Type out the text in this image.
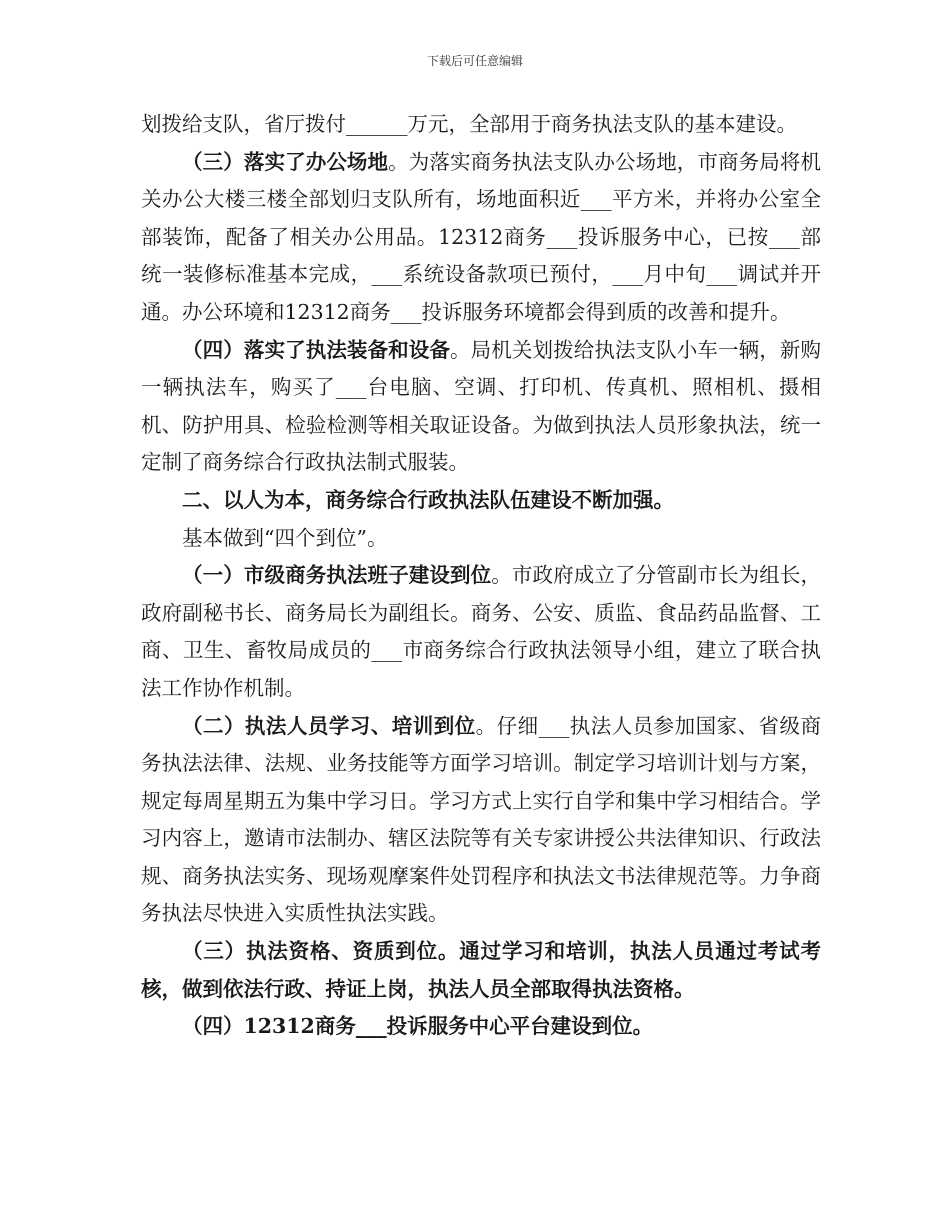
下载后可任意编辑

划拨给支队，省厅拨付______万元，全部用于商务执法支队的基本建设。

（三）落实了办公场地。为落实商务执法支队办公场地，市商务局将机关办公大楼三楼全部划归支队所有，场地面积近___平方米，并将办公室全部装饰，配备了相关办公用品。12312商务___投诉服务中心，已按___部统一装修标准基本完成，___系统设备款项已预付，___月中旬___调试并开通。办公环境和12312商务___投诉服务环境都会得到质的改善和提升。

（四）落实了执法装备和设备。局机关划拨给执法支队小车一辆，新购一辆执法车，购买了___台电脑、空调、打印机、传真机、照相机、摄相机、防护用具、检验检测等相关取证设备。为做到执法人员形象执法，统一定制了商务综合行政执法制式服装。

二、以人为本，商务综合行政执法队伍建设不断加强。

基本做到“四个到位”。

（一）市级商务执法班子建设到位。市政府成立了分管副市长为组长，政府副秘书长、商务局长为副组长。商务、公安、质监、食品药品监督、工商、卫生、畜牧局成员的___市商务综合行政执法领导小组，建立了联合执法工作协作机制。

（二）执法人员学习、培训到位。仔细___执法人员参加国家、省级商务执法法律、法规、业务技能等方面学习培训。制定学习培训计划与方案，规定每周星期五为集中学习日。学习方式上实行自学和集中学习相结合。学习内容上，邀请市法制办、辖区法院等有关专家讲授公共法律知识、行政法规、商务执法实务、现场观摩案件处罚程序和执法文书法律规范等。力争商务执法尽快进入实质性执法实践。

（三）执法资格、资质到位。通过学习和培训，执法人员通过考试考核，做到依法行政、持证上岗，执法人员全部取得执法资格。

（四）12312商务___投诉服务中心平台建设到位。
